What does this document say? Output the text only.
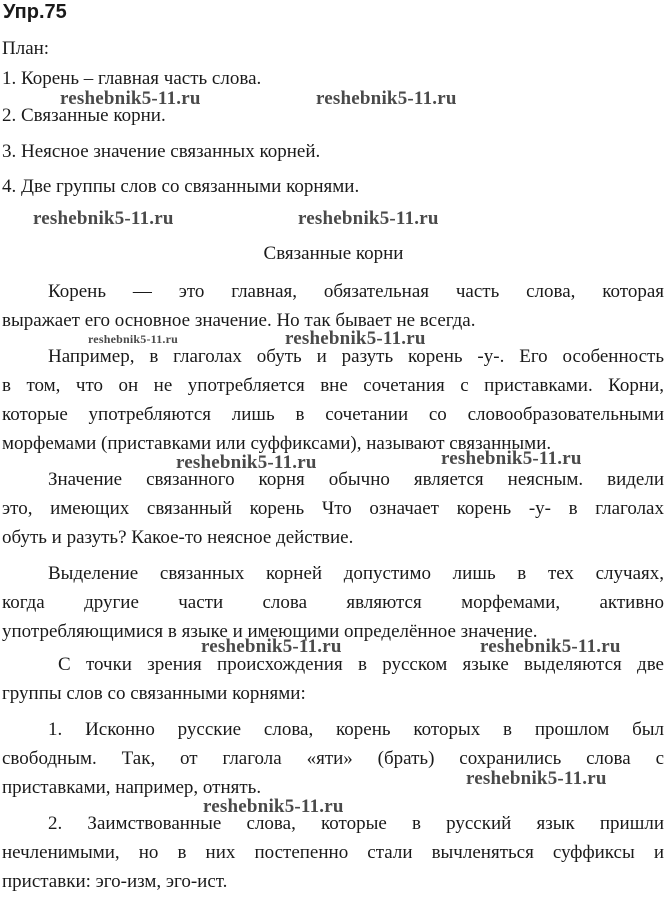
Упр.75
План:
1. Корень – главная часть слова.
2. Связанные корни.
3. Неясное значение связанных корней.
4. Две группы слов со связанными корнями.
Связанные корни
Корень — это главная, обязательная часть слова, которая
выражает его основное значение. Но так бывает не всегда.
Например, в глаголах обуть и разуть корень -у-. Его особенность
в том, что он не употребляется вне сочетания с приставками. Корни,
которые употребляются лишь в сочетании со словообразовательными
морфемами (приставками или суффиксами), называют связанными.
Значение связанного корня обычно является неясным. видели
это, имеющих связанный корень Что означает корень -у- в глаголах
обуть и разуть? Какое-то неясное действие.
Выделение связанных корней допустимо лишь в тех случаях,
когда другие части слова являются морфемами, активно
употребляющимися в языке и имеющими определённое значение.
С точки зрения происхождения в русском языке выделяются две
группы слов со связанными корнями:
1. Исконно русские слова, корень которых в прошлом был
свободным. Так, от глагола «яти» (брать) сохранились слова с
приставками, например, отнять.
2. Заимствованные слова, которые в русский язык пришли
нечленимыми, но в них постепенно стали вычленяться суффиксы и
приставки: эго-изм, эго-ист.
reshebnik5-11.ru	reshebnik5-11.ru
reshebnik5-11.ru	reshebnik5-11.ru
reshebnik5-11.ru	reshebnik5-11.ru
reshebnik5-11.ru	reshebnik5-11.ru
reshebnik5-11.ru	reshebnik5-11.ru
reshebnik5-11.ru
reshebnik5-11.ru
